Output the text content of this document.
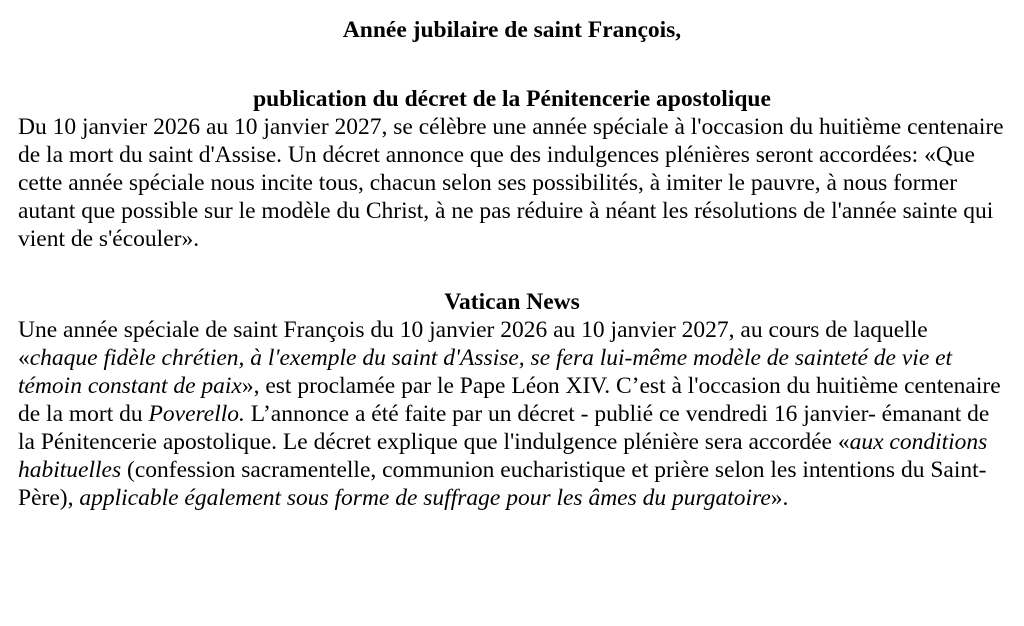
Année jubilaire de saint François,
publication du décret de la Pénitencerie apostolique

Du 10 janvier 2026 au 10 janvier 2027, se célèbre une année spéciale à l'occasion du huitième centenaire de la mort du saint d'Assise. Un décret annonce que des indulgences plénières seront accordées: «Que cette année spéciale nous incite tous, chacun selon ses possibilités, à imiter le pauvre, à nous former autant que possible sur le modèle du Christ, à ne pas réduire à néant les résolutions de l'année sainte qui vient de s'écouler».

Vatican News

Une année spéciale de saint François du 10 janvier 2026 au 10 janvier 2027, au cours de laquelle «chaque fidèle chrétien, à l'exemple du saint d'Assise, se fera lui-même modèle de sainteté de vie et témoin constant de paix», est proclamée par le Pape Léon XIV. C’est à l'occasion du huitième centenaire de la mort du Poverello. L’annonce a été faite par un décret - publié ce vendredi 16 janvier- émanant de la Pénitencerie apostolique. Le décret explique que l'indulgence plénière sera accordée «aux conditions habituelles (confession sacramentelle, communion eucharistique et prière selon les intentions du Saint-Père), applicable également sous forme de suffrage pour les âmes du purgatoire».
